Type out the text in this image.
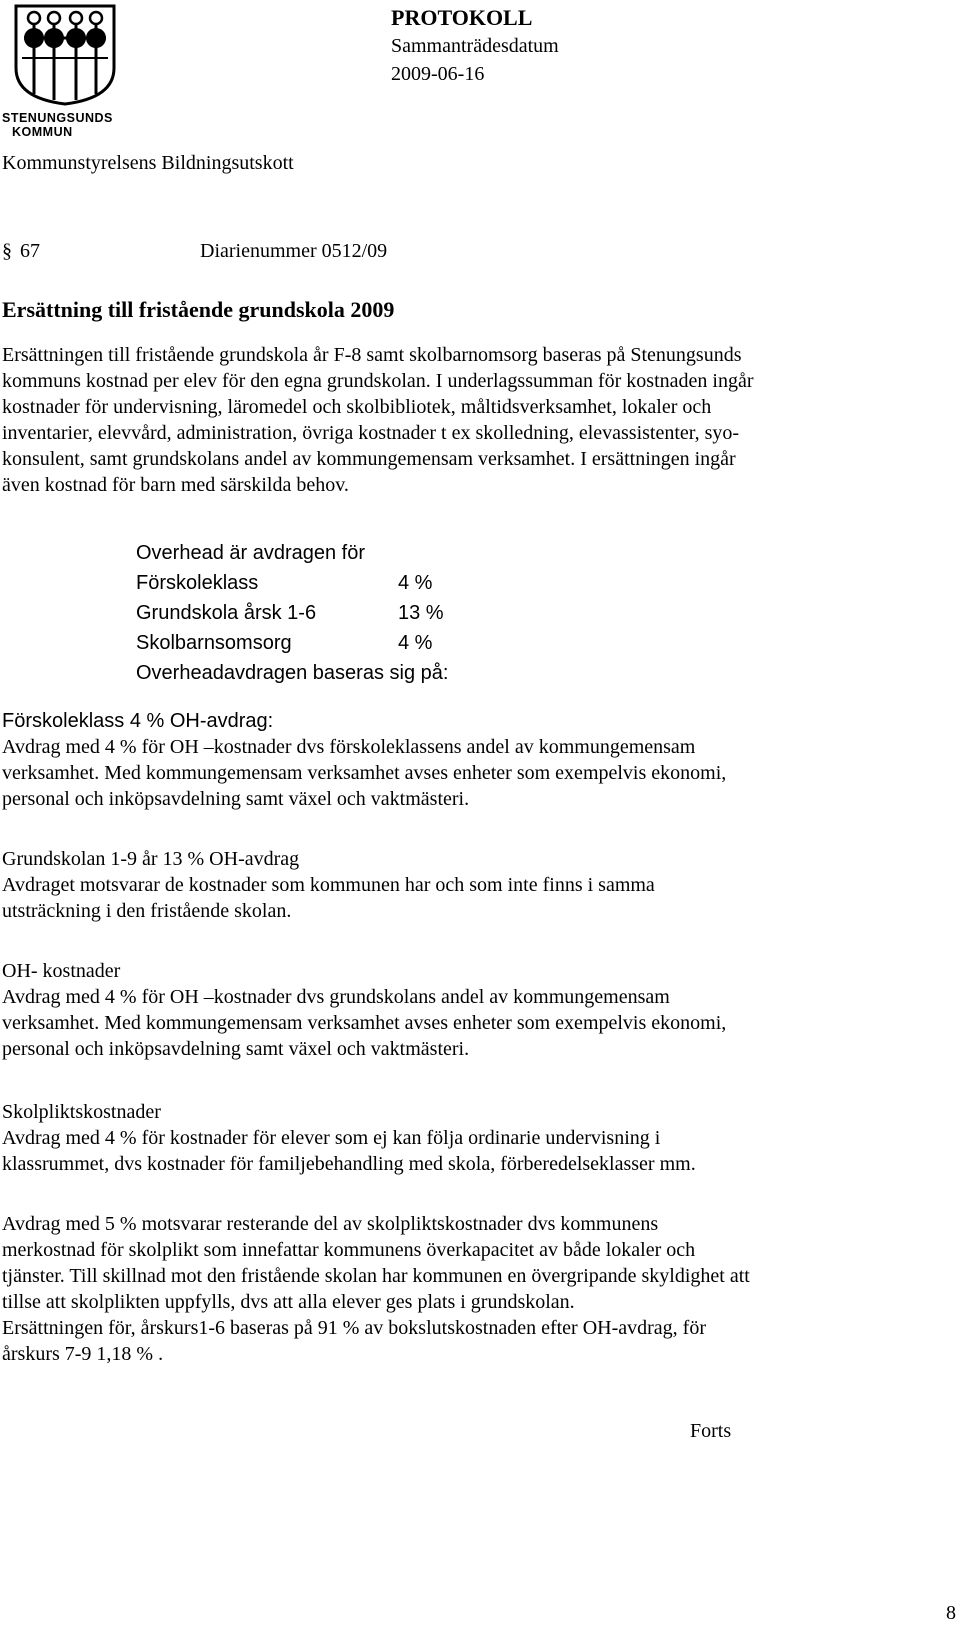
STENUNGSUNDS
KOMMUN
PROTOKOLL
Sammanträdesdatum
2009-06-16
Kommunstyrelsens Bildningsutskott
§ 67	Diarienummer 0512/09
Ersättning till fristående grundskola 2009
Ersättningen till fristående grundskola år F-8 samt skolbarnomsorg baseras på Stenungsunds
kommuns kostnad per elev för den egna grundskolan. I underlagssumman för kostnaden ingår
kostnader för undervisning, läromedel och skolbibliotek, måltidsverksamhet, lokaler och
inventarier, elevvård, administration, övriga kostnader t ex skolledning, elevassistenter, syo-
konsulent, samt grundskolans andel av kommungemensam verksamhet. I ersättningen ingår
även kostnad för barn med särskilda behov.
Overhead är avdragen för
Förskoleklass	4 %
Grundskola årsk 1-6	13 %
Skolbarnsomsorg	4 %
Overheadavdragen baseras sig på:
Förskoleklass 4 % OH-avdrag:
Avdrag med 4 % för OH –kostnader dvs förskoleklassens andel av kommungemensam
verksamhet. Med kommungemensam verksamhet avses enheter som exempelvis ekonomi,
personal och inköpsavdelning samt växel och vaktmästeri.
Grundskolan 1-9 år 13 % OH-avdrag
Avdraget motsvarar de kostnader som kommunen har och som inte finns i samma
utsträckning i den fristående skolan.
OH- kostnader
Avdrag med 4 % för OH –kostnader dvs grundskolans andel av kommungemensam
verksamhet. Med kommungemensam verksamhet avses enheter som exempelvis ekonomi,
personal och inköpsavdelning samt växel och vaktmästeri.
Skolpliktskostnader
Avdrag med 4 % för kostnader för elever som ej kan följa ordinarie undervisning i
klassrummet, dvs kostnader för familjebehandling med skola, förberedelseklasser mm.
Avdrag med 5 % motsvarar resterande del av skolpliktskostnader dvs kommunens
merkostnad för skolplikt som innefattar kommunens överkapacitet av både lokaler och
tjänster. Till skillnad mot den fristående skolan har kommunen en övergripande skyldighet att
tillse att skolplikten uppfylls, dvs att alla elever ges plats i grundskolan.
Ersättningen för, årskurs1-6 baseras på 91 % av bokslutskostnaden efter OH-avdrag, för
årskurs 7-9 1,18 % .
Forts
8
